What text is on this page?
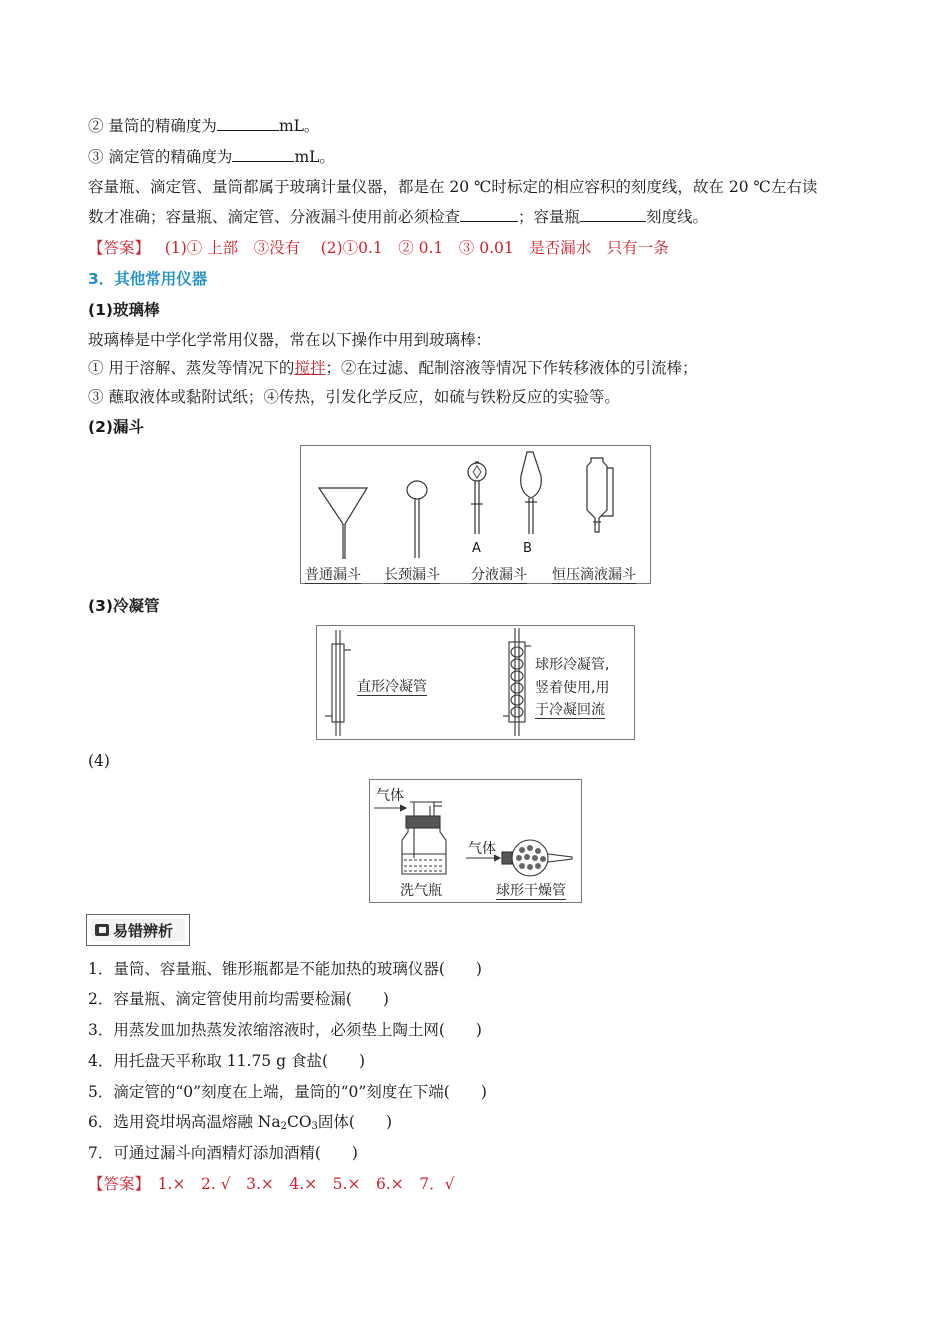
② 量筒的精确度为	mL。
③ 滴定管的精确度为	mL。
容量瓶、滴定管、量筒都属于玻璃计量仪器，都是在 20 ℃时标定的相应容积的刻度线，故在 20 ℃左右读
数才准确；容量瓶、滴定管、分液漏斗使用前必须检查	；容量瓶	刻度线。
【答案】 (1)① 上部　③没有　 (2)①0.1　② 0.1　③ 0.01　是否漏水　只有一条
3．其他常用仪器
(1)玻璃棒
玻璃棒是中学化学常用仪器，常在以下操作中用到玻璃棒：
① 用于溶解、蒸发等情况下的搅拌；②在过滤、配制溶液等情况下作转移液体的引流棒；
③ 蘸取液体或黏附试纸；④传热，引发化学反应，如硫与铁粉反应的实验等。
(2)漏斗
A	B
普通漏斗 长颈漏斗 分液漏斗 恒压滴液漏斗
(3)冷凝管
直形冷凝管
球形冷凝管,
竖着使用,用
于冷凝回流
(4)
气体
气体
洗气瓶	球形干燥管
易错辨析
1．量筒、容量瓶、锥形瓶都是不能加热的玻璃仪器(　　)
2．容量瓶、滴定管使用前均需要检漏(　　)
3．用蒸发皿加热蒸发浓缩溶液时，必须垫上陶土网(　　)
4．用托盘天平称取 11.75 g 食盐(　　)
5．滴定管的“0”刻度在上端，量筒的“0”刻度在下端(　　)
6．选用瓷坩埚高温熔融 $Na_2CO_3$固体(　　)
7．可通过漏斗向酒精灯添加酒精(　　)
【答案】　1.×　2. √　3.×　4.×　5.×　6.×　7．√
